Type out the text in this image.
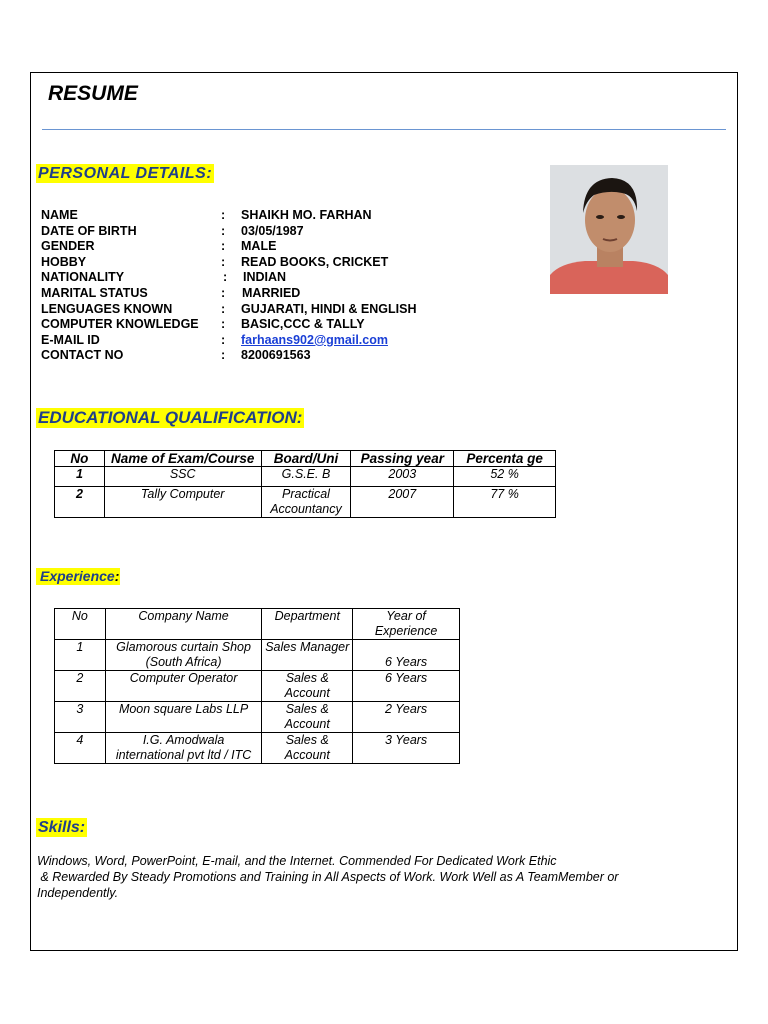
RESUME
PERSONAL DETAILS:
NAME	: SHAIKH MO. FARHAN
DATE OF BIRTH	: 03/05/1987
GENDER	: MALE
HOBBY	: READ BOOKS, CRICKET
NATIONALITY	: INDIAN
MARITAL STATUS	: MARRIED
LENGUAGES KNOWN	: GUJARATI, HINDI & ENGLISH
COMPUTER KNOWLEDGE : BASIC,CCC & TALLY
E-MAIL ID	: farhaans902@gmail.com
CONTACT NO	: 8200691563
EDUCATIONAL QUALIFICATION:
No	Name of Exam/Course	Board/Uni	Passing year	Percenta ge
1	SSC	G.S.E. B	2003	52 %
2	Tally Computer	Practical Accountancy	2007	77 %
Experience:
No	Company Name	Department	Year of Experience
1	Glamorous curtain Shop (South Africa)	Sales Manager	6 Years
2	Computer Operator	Sales & Account	6 Years
3	Moon square Labs LLP	Sales & Account	2 Years
4	I.G. Amodwala international pvt ltd / ITC	Sales & Account	3 Years
Skills:
Windows, Word, PowerPoint, E-mail, and the Internet. Commended For Dedicated Work Ethic
& Rewarded By Steady Promotions and Training in All Aspects of Work. Work Well as A TeamMember or
Independently.
